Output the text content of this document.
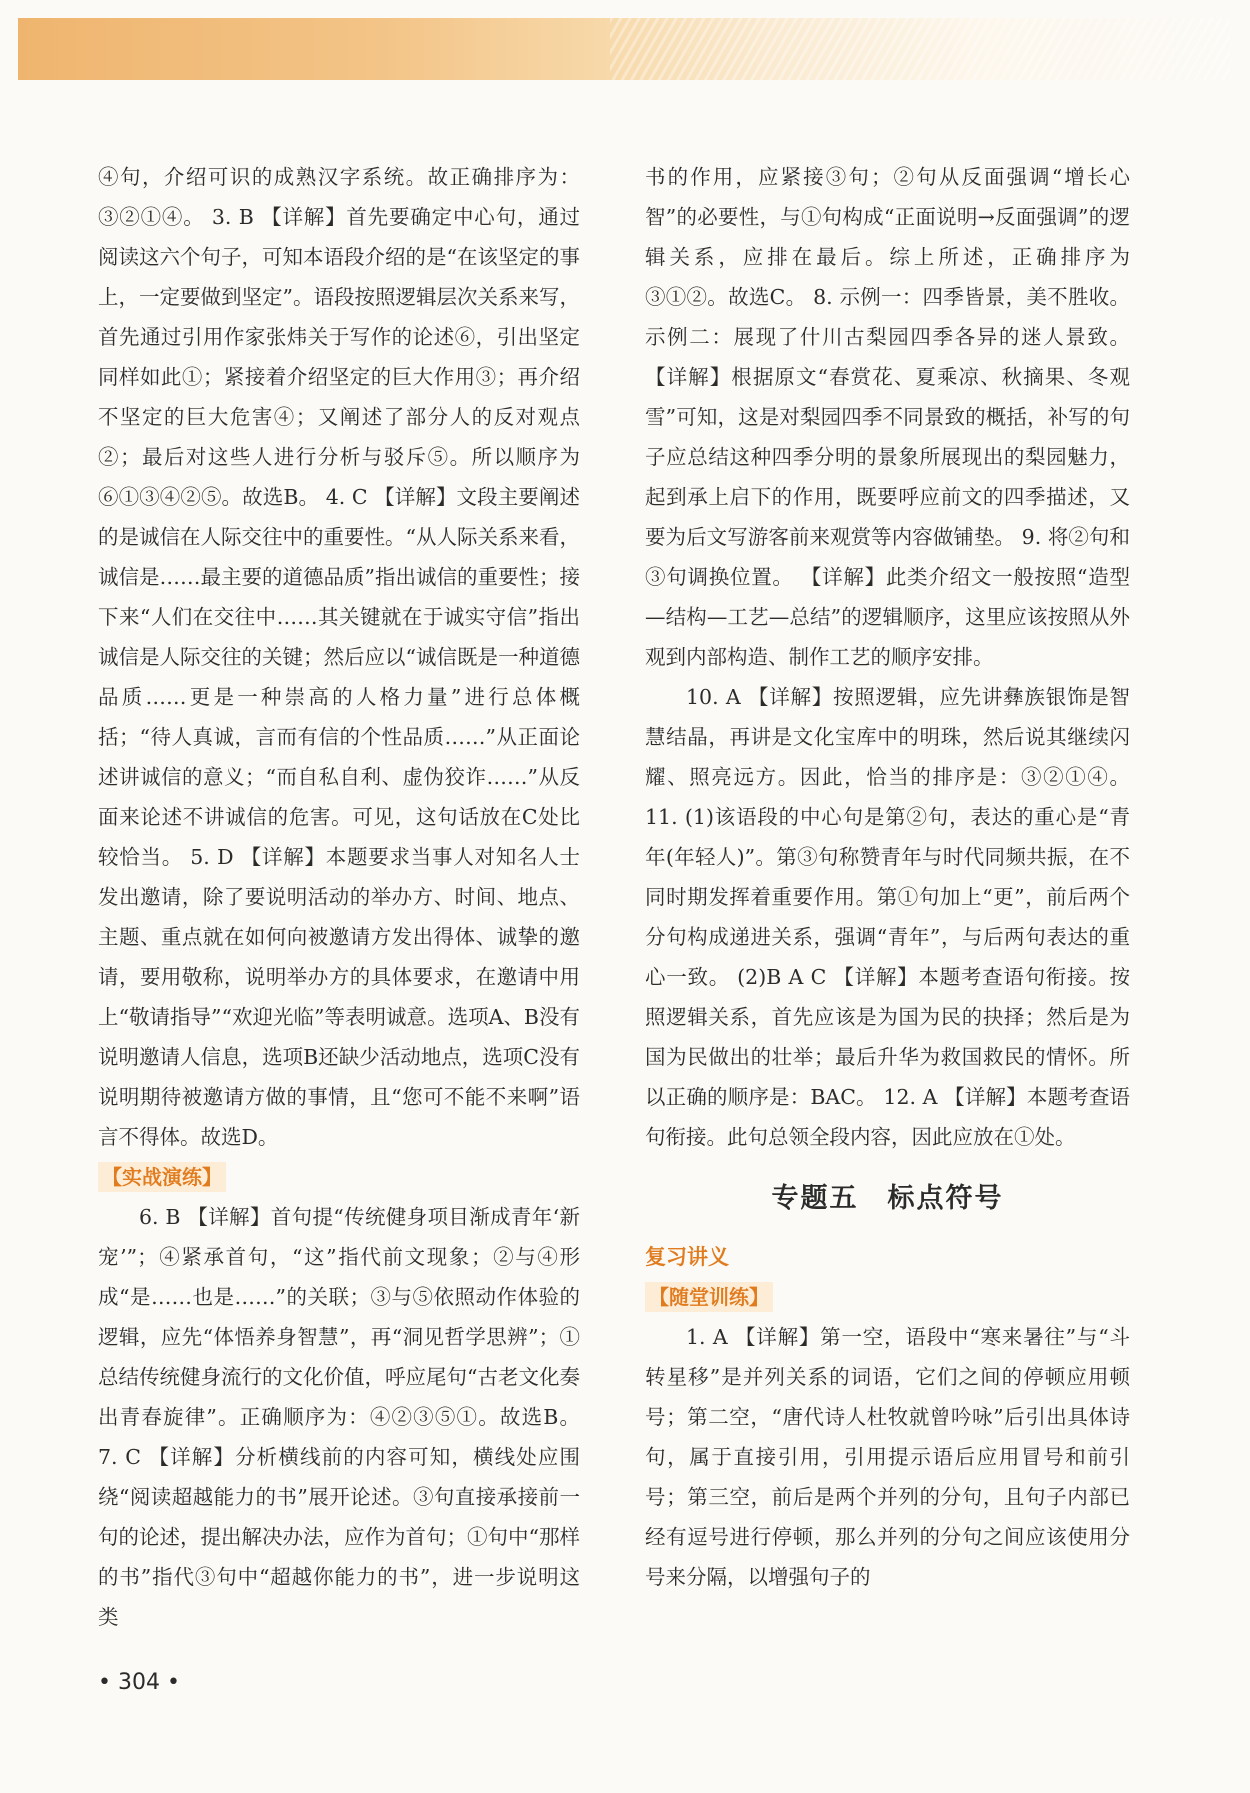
④句，介绍可识的成熟汉字系统。故正确排序为：③②①④。 3. B 【详解】首先要确定中心句，通过阅读这六个句子，可知本语段介绍的是“在该坚定的事上，一定要做到坚定”。语段按照逻辑层次关系来写，首先通过引用作家张炜关于写作的论述⑥，引出坚定同样如此①；紧接着介绍坚定的巨大作用③；再介绍不坚定的巨大危害④；又阐述了部分人的反对观点②；最后对这些人进行分析与驳斥⑤。所以顺序为⑥①③④②⑤。故选B。 4. C 【详解】文段主要阐述的是诚信在人际交往中的重要性。“从人际关系来看，诚信是……最主要的道德品质”指出诚信的重要性；接下来“人们在交往中……其关键就在于诚实守信”指出诚信是人际交往的关键；然后应以“诚信既是一种道德品质……更是一种崇高的人格力量”进行总体概括；“待人真诚，言而有信的个性品质……”从正面论述讲诚信的意义；“而自私自利、虚伪狡诈……”从反面来论述不讲诚信的危害。可见，这句话放在C处比较恰当。 5. D 【详解】本题要求当事人对知名人士发出邀请，除了要说明活动的举办方、时间、地点、主题、重点就在如何向被邀请方发出得体、诚挚的邀请，要用敬称，说明举办方的具体要求，在邀请中用上“敬请指导”“欢迎光临”等表明诚意。选项A、B没有说明邀请人信息，选项B还缺少活动地点，选项C没有说明期待被邀请方做的事情，且“您可不能不来啊”语言不得体。故选D。

【实战演练】

6. B 【详解】首句提“传统健身项目渐成青年‘新宠’”；④紧承首句，“这”指代前文现象；②与④形成“是……也是……”的关联；③与⑤依照动作体验的逻辑，应先“体悟养身智慧”，再“洞见哲学思辨”；①总结传统健身流行的文化价值，呼应尾句“古老文化奏出青春旋律”。正确顺序为：④②③⑤①。故选B。 7. C 【详解】分析横线前的内容可知，横线处应围绕“阅读超越能力的书”展开论述。③句直接承接前一句的论述，提出解决办法，应作为首句；①句中“那样的书”指代③句中“超越你能力的书”，进一步说明这类

书的作用，应紧接③句；②句从反面强调“增长心智”的必要性，与①句构成“正面说明→反面强调”的逻辑关系，应排在最后。综上所述，正确排序为③①②。故选C。 8. 示例一：四季皆景，美不胜收。 示例二：展现了什川古梨园四季各异的迷人景致。 【详解】根据原文“春赏花、夏乘凉、秋摘果、冬观雪”可知，这是对梨园四季不同景致的概括，补写的句子应总结这种四季分明的景象所展现出的梨园魅力，起到承上启下的作用，既要呼应前文的四季描述，又要为后文写游客前来观赏等内容做铺垫。 9. 将②句和③句调换位置。 【详解】此类介绍文一般按照“造型—结构—工艺—总结”的逻辑顺序，这里应该按照从外观到内部构造、制作工艺的顺序安排。

10. A 【详解】按照逻辑，应先讲彝族银饰是智慧结晶，再讲是文化宝库中的明珠，然后说其继续闪耀、照亮远方。因此，恰当的排序是：③②①④。 11. (1)该语段的中心句是第②句，表达的重心是“青年(年轻人)”。第③句称赞青年与时代同频共振，在不同时期发挥着重要作用。第①句加上“更”，前后两个分句构成递进关系，强调“青年”，与后两句表达的重心一致。 (2)B A C 【详解】本题考查语句衔接。按照逻辑关系，首先应该是为国为民的抉择；然后是为国为民做出的壮举；最后升华为救国救民的情怀。所以正确的顺序是：BAC。 12. A 【详解】本题考查语句衔接。此句总领全段内容，因此应放在①处。

专题五　标点符号
复习讲义
【随堂训练】

1. A 【详解】第一空，语段中“寒来暑往”与“斗转星移”是并列关系的词语，它们之间的停顿应用顿号；第二空，“唐代诗人杜牧就曾吟咏”后引出具体诗句，属于直接引用，引用提示语后应用冒号和前引号；第三空，前后是两个并列的分句，且句子内部已经有逗号进行停顿，那么并列的分句之间应该使用分号来分隔，以增强句子的

• 304 •
